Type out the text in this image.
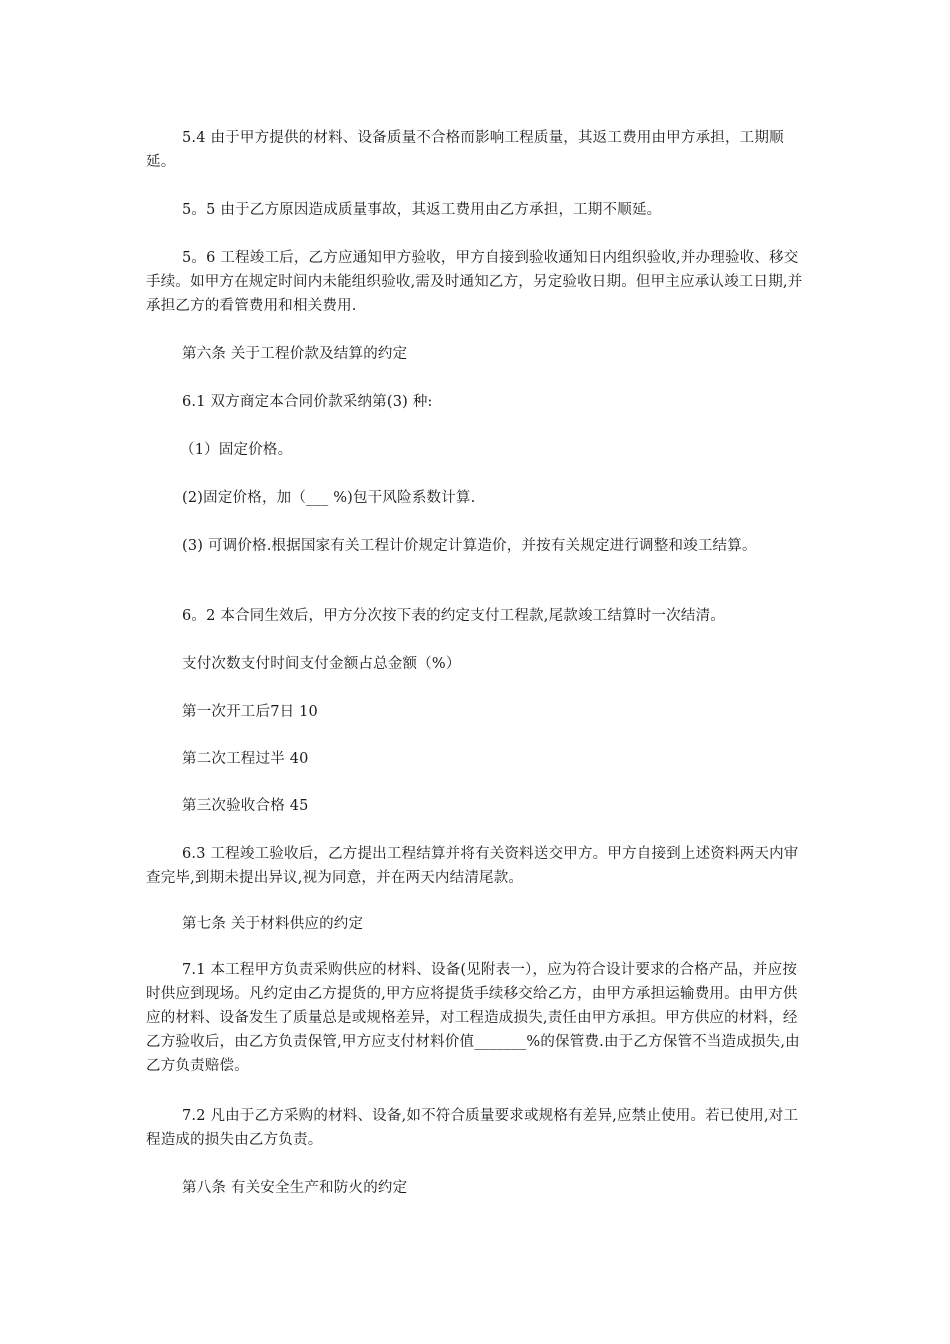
5.4 由于甲方提供的材料、设备质量不合格而影响工程质量，其返工费用由甲方承担，工期顺延。

5。5 由于乙方原因造成质量事故，其返工费用由乙方承担，工期不顺延。

5。6 工程竣工后，乙方应通知甲方验收，甲方自接到验收通知日内组织验收,并办理验收、移交手续。如甲方在规定时间内未能组织验收,需及时通知乙方，另定验收日期。但甲主应承认竣工日期,并承担乙方的看管费用和相关费用.

第六条 关于工程价款及结算的约定

6.1 双方商定本合同价款采纳第(3) 种:

（1）固定价格。

(2)固定价格，加（___ %)包干风险系数计算.

(3) 可调价格.根据国家有关工程计价规定计算造价，并按有关规定进行调整和竣工结算。

6。2 本合同生效后，甲方分次按下表的约定支付工程款,尾款竣工结算时一次结清。

支付次数支付时间支付金额占总金额（%）

第一次开工后7日 10

第二次工程过半 40

第三次验收合格 45

6.3 工程竣工验收后，乙方提出工程结算并将有关资料送交甲方。甲方自接到上述资料两天内审查完毕,到期未提出异议,视为同意，并在两天内结清尾款。

第七条 关于材料供应的约定

7.1 本工程甲方负责采购供应的材料、设备(见附表一），应为符合设计要求的合格产品，并应按时供应到现场。凡约定由乙方提货的,甲方应将提货手续移交给乙方，由甲方承担运输费用。由甲方供应的材料、设备发生了质量总是或规格差异，对工程造成损失,责任由甲方承担。甲方供应的材料，经乙方验收后，由乙方负责保管,甲方应支付材料价值_______%的保管费.由于乙方保管不当造成损失,由乙方负责赔偿。

7.2 凡由于乙方采购的材料、设备,如不符合质量要求或规格有差异,应禁止使用。若已使用,对工程造成的损失由乙方负责。

第八条 有关安全生产和防火的约定
